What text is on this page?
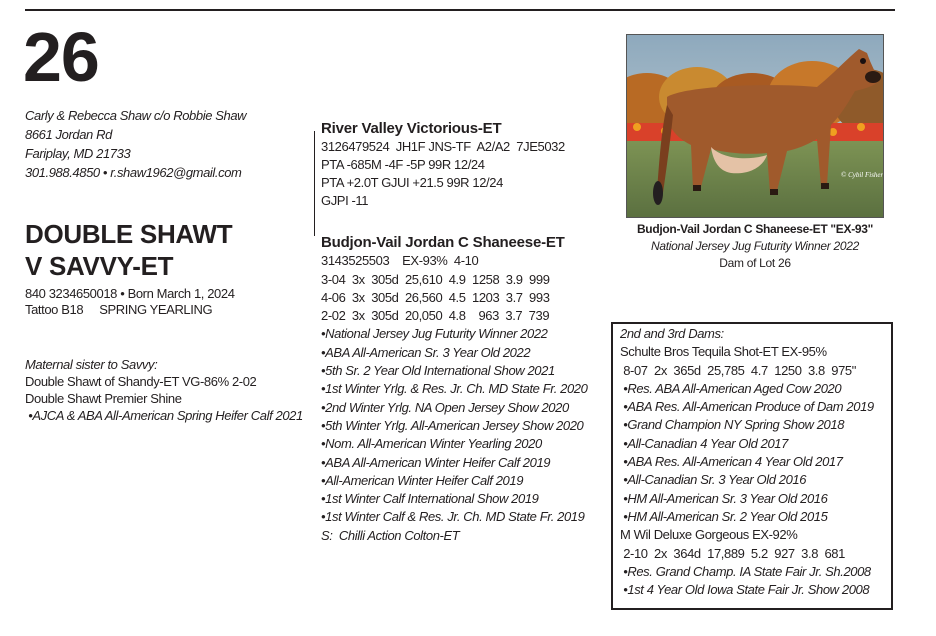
26
Carly & Rebecca Shaw c/o Robbie Shaw
8661 Jordan Rd
Fariplay, MD 21733
301.988.4850 • r.shaw1962@gmail.com
DOUBLE SHAWT
V SAVVY-ET
840 3234650018 • Born March 1, 2024
Tattoo B18     SPRING YEARLING
Maternal sister to Savvy:
Double Shawt of Shandy-ET VG-86% 2-02
Double Shawt Premier Shine
•AJCA & ABA All-American Spring Heifer Calf 2021
River Valley Victorious-ET
3126479524  JH1F JNS-TF  A2/A2  7JE5032
PTA -685M -4F -5P 99R 12/24
PTA +2.0T GJUI +21.5 99R 12/24
GJPI -11
Budjon-Vail Jordan C Shaneese-ET
3143525503    EX-93%  4-10
3-04  3x  305d  25,610  4.9  1258  3.9  999
4-06  3x  305d  26,560  4.5  1203  3.7  993
2-02  3x  305d  20,050  4.8    963  3.7  739
•National Jersey Jug Futurity Winner 2022
•ABA All-American Sr. 3 Year Old 2022
•5th Sr. 2 Year Old International Show 2021
•1st Winter Yrlg. & Res. Jr. Ch. MD State Fr. 2020
•2nd Winter Yrlg. NA Open Jersey Show 2020
•5th Winter Yrlg. All-American Jersey Show 2020
•Nom. All-American Winter Yearling 2020
•ABA All-American Winter Heifer Calf 2019
•All-American Winter Heifer Calf 2019
•1st Winter Calf International Show 2019
•1st Winter Calf & Res. Jr. Ch. MD State Fr. 2019
S:  Chilli Action Colton-ET
© Cybil Fisher
Budjon-Vail Jordan C Shaneese-ET "EX-93"
National Jersey Jug Futurity Winner 2022
Dam of Lot 26
2nd and 3rd Dams:
Schulte Bros Tequila Shot-ET EX-95%
8-07  2x  365d  25,785  4.7  1250  3.8  975"
•Res. ABA All-American Aged Cow 2020
•ABA Res. All-American Produce of Dam 2019
•Grand Champion NY Spring Show 2018
•All-Canadian 4 Year Old 2017
•ABA Res. All-American 4 Year Old 2017
•All-Canadian Sr. 3 Year Old 2016
•HM All-American Sr. 3 Year Old 2016
•HM All-American Sr. 2 Year Old 2015
M Wil Deluxe Gorgeous EX-92%
2-10  2x  364d  17,889  5.2  927  3.8  681
•Res. Grand Champ. IA State Fair Jr. Sh.2008
•1st 4 Year Old Iowa State Fair Jr. Show 2008
